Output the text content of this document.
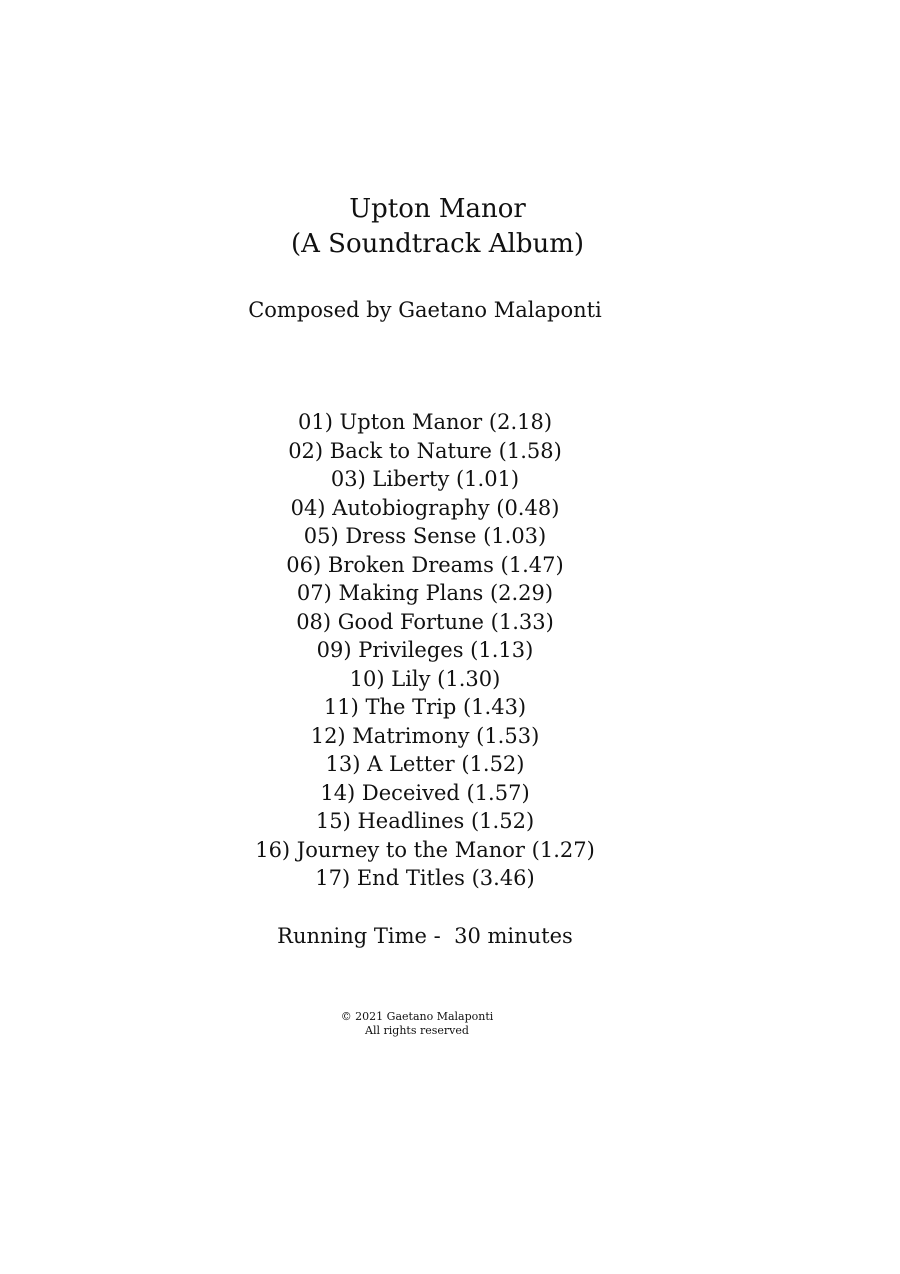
Upton Manor
(A Soundtrack Album)
Composed by Gaetano Malaponti
01) Upton Manor (2.18)
02) Back to Nature (1.58)
03) Liberty (1.01)
04) Autobiography (0.48)
05) Dress Sense (1.03)
06) Broken Dreams (1.47)
07) Making Plans (2.29)
08) Good Fortune (1.33)
09) Privileges (1.13)
10) Lily (1.30)
11) The Trip (1.43)
12) Matrimony (1.53)
13) A Letter (1.52)
14) Deceived (1.57)
15) Headlines (1.52)
16) Journey to the Manor (1.27)
17) End Titles (3.46)
Running Time -  30 minutes
© 2021 Gaetano Malaponti
All rights reserved
